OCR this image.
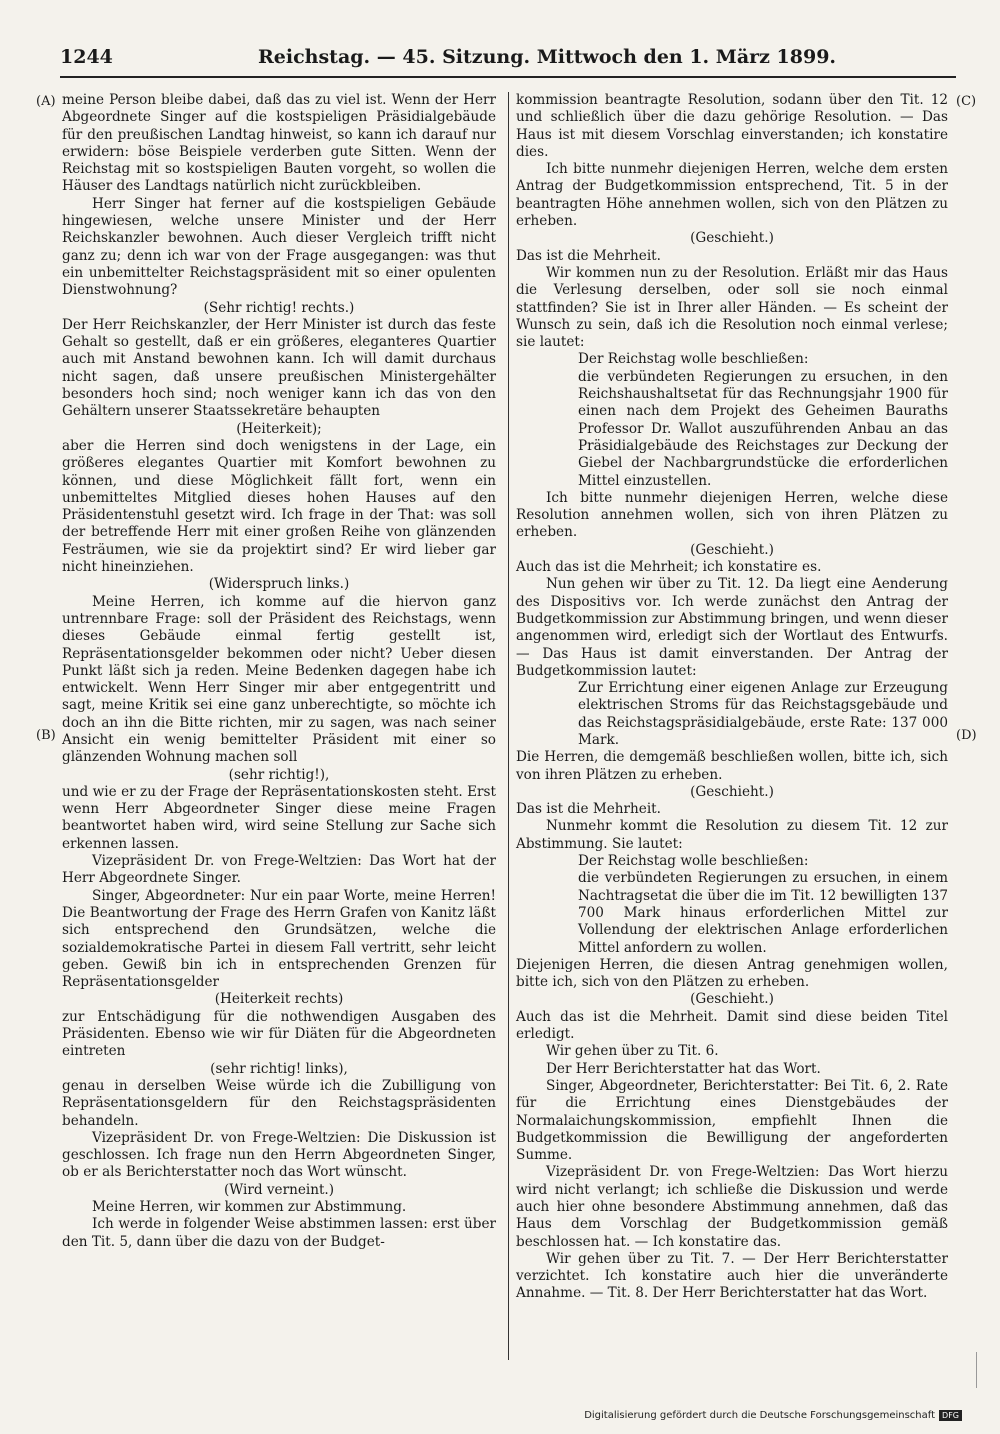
1244	Reichstag. — 45. Sitzung. Mittwoch den 1. März 1899.
(A)
(B)
(C)
(D)

meine Person bleibe dabei, daß das zu viel ist. Wenn der Herr Abgeordnete Singer auf die kostspieligen Präsidialgebäude für den preußischen Landtag hinweist, so kann ich darauf nur erwidern: böse Beispiele verderben gute Sitten. Wenn der Reichstag mit so kostspieligen Bauten vorgeht, so wollen die Häuser des Landtags natürlich nicht zurückbleiben.

Herr Singer hat ferner auf die kostspieligen Gebäude hingewiesen, welche unsere Minister und der Herr Reichskanzler bewohnen. Auch dieser Vergleich trifft nicht ganz zu; denn ich war von der Frage ausgegangen: was thut ein unbemittelter Reichstagspräsident mit so einer opulenten Dienstwohnung?

(Sehr richtig! rechts.)

Der Herr Reichskanzler, der Herr Minister ist durch das feste Gehalt so gestellt, daß er ein größeres, eleganteres Quartier auch mit Anstand bewohnen kann. Ich will damit durchaus nicht sagen, daß unsere preußischen Ministergehälter besonders hoch sind; noch weniger kann ich das von den Gehältern unserer Staatssekretäre behaupten

(Heiterkeit);

aber die Herren sind doch wenigstens in der Lage, ein größeres elegantes Quartier mit Komfort bewohnen zu können, und diese Möglichkeit fällt fort, wenn ein unbemitteltes Mitglied dieses hohen Hauses auf den Präsidentenstuhl gesetzt wird. Ich frage in der That: was soll der betreffende Herr mit einer großen Reihe von glänzenden Festräumen, wie sie da projektirt sind? Er wird lieber gar nicht hineinziehen.

(Widerspruch links.)

Meine Herren, ich komme auf die hiervon ganz untrennbare Frage: soll der Präsident des Reichstags, wenn dieses Gebäude einmal fertig gestellt ist, Repräsentationsgelder bekommen oder nicht? Ueber diesen Punkt läßt sich ja reden. Meine Bedenken dagegen habe ich entwickelt. Wenn Herr Singer mir aber entgegentritt und sagt, meine Kritik sei eine ganz unberechtigte, so möchte ich doch an ihn die Bitte richten, mir zu sagen, was nach seiner Ansicht ein wenig bemittelter Präsident mit einer so glänzenden Wohnung machen soll

(sehr richtig!),

und wie er zu der Frage der Repräsentationskosten steht. Erst wenn Herr Abgeordneter Singer diese meine Fragen beantwortet haben wird, wird seine Stellung zur Sache sich erkennen lassen.

Vizepräsident Dr. von Frege-Weltzien: Das Wort hat der Herr Abgeordnete Singer.

Singer, Abgeordneter: Nur ein paar Worte, meine Herren! Die Beantwortung der Frage des Herrn Grafen von Kanitz läßt sich entsprechend den Grundsätzen, welche die sozialdemokratische Partei in diesem Fall vertritt, sehr leicht geben. Gewiß bin ich in entsprechenden Grenzen für Repräsentationsgelder

(Heiterkeit rechts)

zur Entschädigung für die nothwendigen Ausgaben des Präsidenten. Ebenso wie wir für Diäten für die Abgeordneten eintreten

(sehr richtig! links),

genau in derselben Weise würde ich die Zubilligung von Repräsentationsgeldern für den Reichstagspräsidenten behandeln.

Vizepräsident Dr. von Frege-Weltzien: Die Diskussion ist geschlossen. Ich frage nun den Herrn Abgeordneten Singer, ob er als Berichterstatter noch das Wort wünscht.

(Wird verneint.)

Meine Herren, wir kommen zur Abstimmung.

Ich werde in folgender Weise abstimmen lassen: erst über den Tit. 5, dann über die dazu von der Budget-

kommission beantragte Resolution, sodann über den Tit. 12 und schließlich über die dazu gehörige Resolution. — Das Haus ist mit diesem Vorschlag einverstanden; ich konstatire dies.

Ich bitte nunmehr diejenigen Herren, welche dem ersten Antrag der Budgetkommission entsprechend, Tit. 5 in der beantragten Höhe annehmen wollen, sich von den Plätzen zu erheben.

(Geschieht.)

Das ist die Mehrheit.

Wir kommen nun zu der Resolution. Erläßt mir das Haus die Verlesung derselben, oder soll sie noch einmal stattfinden? Sie ist in Ihrer aller Händen. — Es scheint der Wunsch zu sein, daß ich die Resolution noch einmal verlese; sie lautet:

Der Reichstag wolle beschließen:

die verbündeten Regierungen zu ersuchen, in den Reichshaushaltsetat für das Rechnungsjahr 1900 für einen nach dem Projekt des Geheimen Bauraths Professor Dr. Wallot auszuführenden Anbau an das Präsidialgebäude des Reichstages zur Deckung der Giebel der Nachbargrundstücke die erforderlichen Mittel einzustellen.

Ich bitte nunmehr diejenigen Herren, welche diese Resolution annehmen wollen, sich von ihren Plätzen zu erheben.

(Geschieht.)

Auch das ist die Mehrheit; ich konstatire es.

Nun gehen wir über zu Tit. 12. Da liegt eine Aenderung des Dispositivs vor. Ich werde zunächst den Antrag der Budgetkommission zur Abstimmung bringen, und wenn dieser angenommen wird, erledigt sich der Wortlaut des Entwurfs. — Das Haus ist damit einverstanden. Der Antrag der Budgetkommission lautet:

Zur Errichtung einer eigenen Anlage zur Erzeugung elektrischen Stroms für das Reichstagsgebäude und das Reichstagspräsidialgebäude, erste Rate: 137 000 Mark.

Die Herren, die demgemäß beschließen wollen, bitte ich, sich von ihren Plätzen zu erheben.

(Geschieht.)

Das ist die Mehrheit.

Nunmehr kommt die Resolution zu diesem Tit. 12 zur Abstimmung. Sie lautet:

Der Reichstag wolle beschließen:

die verbündeten Regierungen zu ersuchen, in einem Nachtragsetat die über die im Tit. 12 bewilligten 137 700 Mark hinaus erforderlichen Mittel zur Vollendung der elektrischen Anlage erforderlichen Mittel anfordern zu wollen.

Diejenigen Herren, die diesen Antrag genehmigen wollen, bitte ich, sich von den Plätzen zu erheben.

(Geschieht.)

Auch das ist die Mehrheit. Damit sind diese beiden Titel erledigt.

Wir gehen über zu Tit. 6.

Der Herr Berichterstatter hat das Wort.

Singer, Abgeordneter, Berichterstatter: Bei Tit. 6, 2. Rate für die Errichtung eines Dienstgebäudes der Normalaichungskommission, empfiehlt Ihnen die Budgetkommission die Bewilligung der angeforderten Summe.

Vizepräsident Dr. von Frege-Weltzien: Das Wort hierzu wird nicht verlangt; ich schließe die Diskussion und werde auch hier ohne besondere Abstimmung annehmen, daß das Haus dem Vorschlag der Budgetkommission gemäß beschlossen hat. — Ich konstatire das.

Wir gehen über zu Tit. 7. — Der Herr Berichterstatter verzichtet. Ich konstatire auch hier die unveränderte Annahme. — Tit. 8. Der Herr Berichterstatter hat das Wort.

Digitalisierung gefördert durch die Deutsche Forschungsgemeinschaft DFG
